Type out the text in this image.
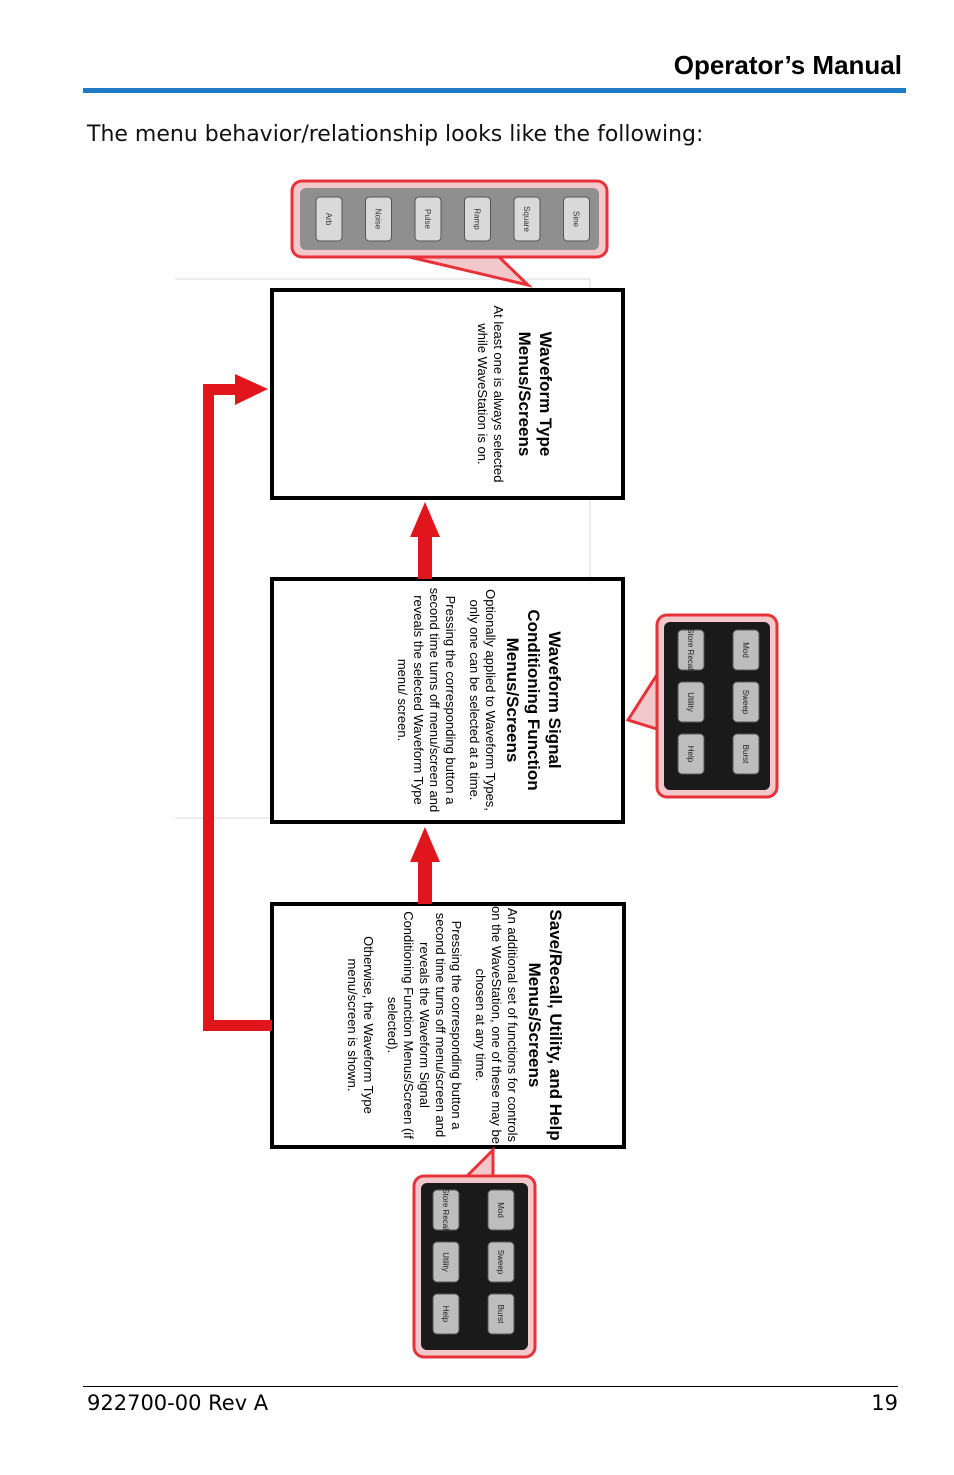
Operator’s Manual
The menu behavior/relationship looks like the following:
Arb	Noise	Pulse	Ramp	Square	Sine
Mod
Sweep
Burst
Store Recall
Utility
Help
Mod
Sweep
Burst
Store Recall
Utility
Help
Waveform Type Menus/Screens
At least one is always selected while WaveStation is on.
Waveform Signal Conditioning Function Menus/Screens
Optionally applied to Waveform Types, only one can be selected at a time.
Pressing the corresponding button a second time turns off menu/screen and reveals the selected Waveform Type menu/ screen.
Save/Recall, Utility, and Help Menus/Screens
An additional set of functions for controls on the WaveStation, one of these may be chosen at any time.
Pressing the corresponding button a second time turns off menu/screen and reveals the Waveform Signal Conditioning Function Menus/Screen (if selected).
Otherwise, the Waveform Type menu/screen is shown.
922700-00 Rev A	19
